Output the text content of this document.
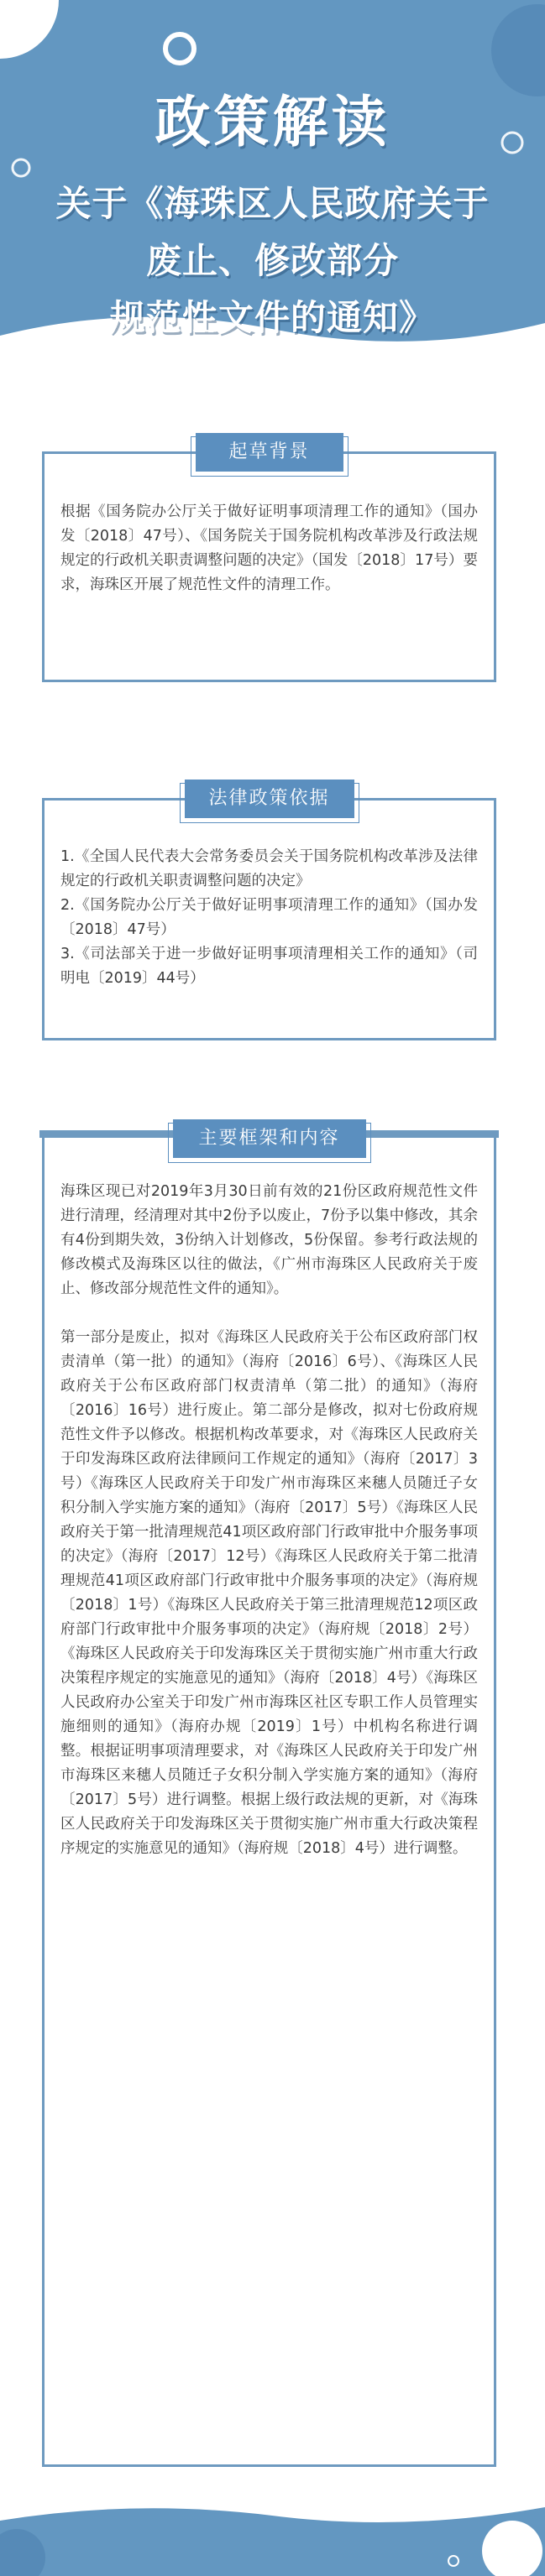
政策解读
关于《海珠区人民政府关于
废止、修改部分
规范性文件的通知》
起草背景

根据《国务院办公厅关于做好证明事项清理工作的通知》（国办发〔2018〕47号）、《国务院关于国务院机构改革涉及行政法规规定的行政机关职责调整问题的决定》（国发〔2018〕17号）要求，海珠区开展了规范性文件的清理工作。

法律政策依据
1.《全国人民代表大会常务委员会关于国务院机构改革涉及法律规定的行政机关职责调整问题的决定》
2.《国务院办公厅关于做好证明事项清理工作的通知》（国办发〔2018〕47号）
3.《司法部关于进一步做好证明事项清理相关工作的通知》（司明电〔2019〕44号）
主要框架和内容

海珠区现已对2019年3月30日前有效的21份区政府规范性文件进行清理，经清理对其中2份予以废止，7份予以集中修改，其余有4份到期失效，3份纳入计划修改，5份保留。参考行政法规的修改模式及海珠区以往的做法，《广州市海珠区人民政府关于废止、修改部分规范性文件的通知》。

第一部分是废止，拟对《海珠区人民政府关于公布区政府部门权责清单（第一批）的通知》（海府〔2016〕6号）、《海珠区人民政府关于公布区政府部门权责清单（第二批）的通知》（海府〔2016〕16号）进行废止。第二部分是修改，拟对七份政府规范性文件予以修改。根据机构改革要求，对《海珠区人民政府关于印发海珠区政府法律顾问工作规定的通知》（海府〔2017〕3号）《海珠区人民政府关于印发广州市海珠区来穗人员随迁子女积分制入学实施方案的通知》（海府〔2017〕5号）《海珠区人民政府关于第一批清理规范41项区政府部门行政审批中介服务事项的决定》（海府〔2017〕12号）《海珠区人民政府关于第二批清理规范41项区政府部门行政审批中介服务事项的决定》（海府规〔2018〕1号）《海珠区人民政府关于第三批清理规范12项区政府部门行政审批中介服务事项的决定》（海府规〔2018〕2号）《海珠区人民政府关于印发海珠区关于贯彻实施广州市重大行政决策程序规定的实施意见的通知》（海府〔2018〕4号）《海珠区人民政府办公室关于印发广州市海珠区社区专职工作人员管理实施细则的通知》（海府办规〔2019〕1号）中机构名称进行调整。根据证明事项清理要求，对《海珠区人民政府关于印发广州市海珠区来穗人员随迁子女积分制入学实施方案的通知》（海府〔2017〕5号）进行调整。根据上级行政法规的更新，对《海珠区人民政府关于印发海珠区关于贯彻实施广州市重大行政决策程序规定的实施意见的通知》（海府规〔2018〕4号）进行调整。
